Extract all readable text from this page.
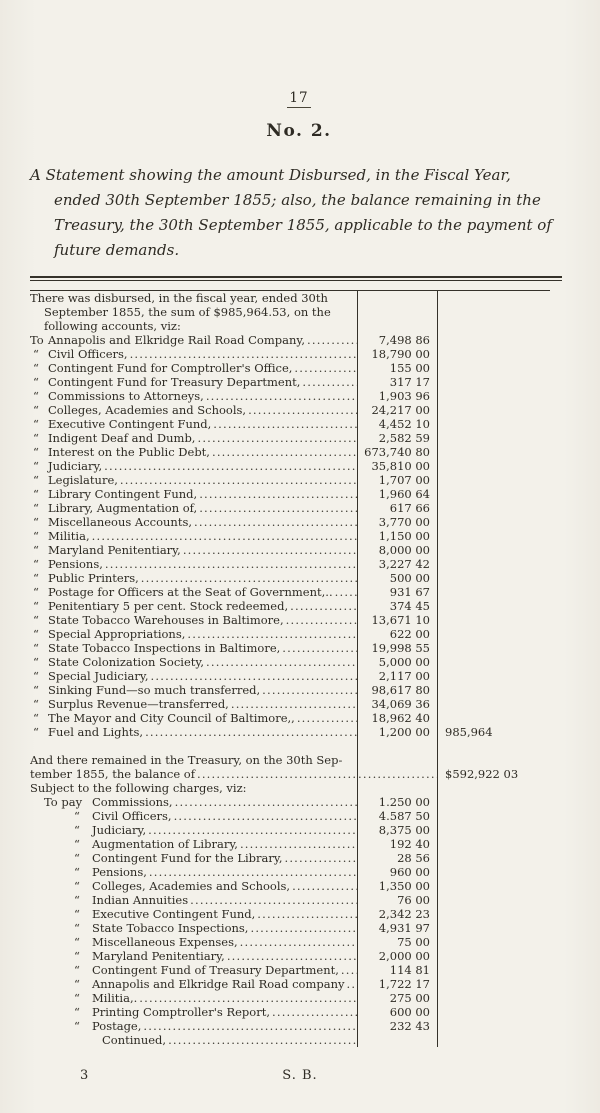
17
No. 2.
A Statement showing the amount Disbursed, in the Fiscal Year,
ended 30th September 1855; also, the balance remaining in the
Treasury, the 30th September 1855, applicable to the payment of
future demands.
There was disbursed, in the fiscal year, ended 30th
September 1855, the sum of $985,964.53, on the
following accounts, viz:
To Annapolis and Elkridge Rail Road Company, .....	7,498 86
“ Civil Officers, .....	18,790 00
“ Contingent Fund for Comptroller's Office, .....	155 00
“ Contingent Fund for Treasury Department, .....	317 17
“ Commissions to Attorneys, .....	1,903 96
“ Colleges, Academies and Schools, .....	24,217 00
“ Executive Contingent Fund, .....	4,452 10
“ Indigent Deaf and Dumb, .....	2,582 59
“ Interest on the Public Debt, .....	673,740 80
“ Judiciary, .....	35,810 00
“ Legislature, .....	1,707 00
“ Library Contingent Fund, .....	1,960 64
“ Library, Augmentation of, .....	617 66
“ Miscellaneous Accounts, .....	3,770 00
“ Militia, .....	1,150 00
“ Maryland Penitentiary, .....	8,000 00
“ Pensions, .....	3,227 42
“ Public Printers, .....	500 00
“ Postage for Officers at the Seat of Government,.. .....	931 67
“ Penitentiary 5 per cent. Stock redeemed, .....	374 45
“ State Tobacco Warehouses in Baltimore, .....	13,671 10
“ Special Appropriations, .....	622 00
“ State Tobacco Inspections in Baltimore, .....	19,998 55
“ State Colonization Society, .....	5,000 00
“ Special Judiciary, .....	2,117 00
“ Sinking Fund—so much transferred, .....	98,617 80
“ Surplus Revenue—transferred, .....	34,069 36
“ The Mayor and City Council of Baltimore,, .....	18,962 40
“ Fuel and Lights, .....	1,200 00	985,964
And there remained in the Treasury, on the 30th Sep-
tember 1855, the balance of ..... .....	$592,922 03
Subject to the following charges, viz:
To pay Commissions, .....	1.250 00
“	Civil Officers, .....	4.587 50
“	Judiciary, .....	8,375 00
“	Augmentation of Library, .....	192 40
“	Contingent Fund for the Library, .....	28 56
“	Pensions, .....	960 00
“	Colleges, Academies and Schools, .....	1,350 00
“	Indian Annuities .....	76 00
“	Executive Contingent Fund, .....	2,342 23
“	State Tobacco Inspections, .....	4,931 97
“	Miscellaneous Expenses, .....	75 00
“	Maryland Penitentiary, .....	2,000 00
“	Contingent Fund of Treasury Department, .....	114 81
“	Annapolis and Elkridge Rail Road company .....	1,722 17
“	Militia,. .....	275 00
“	Printing Comptroller's Report, .....	600 00
“	Postage, .....	232 43
Continued,
.....
S. B.
3
